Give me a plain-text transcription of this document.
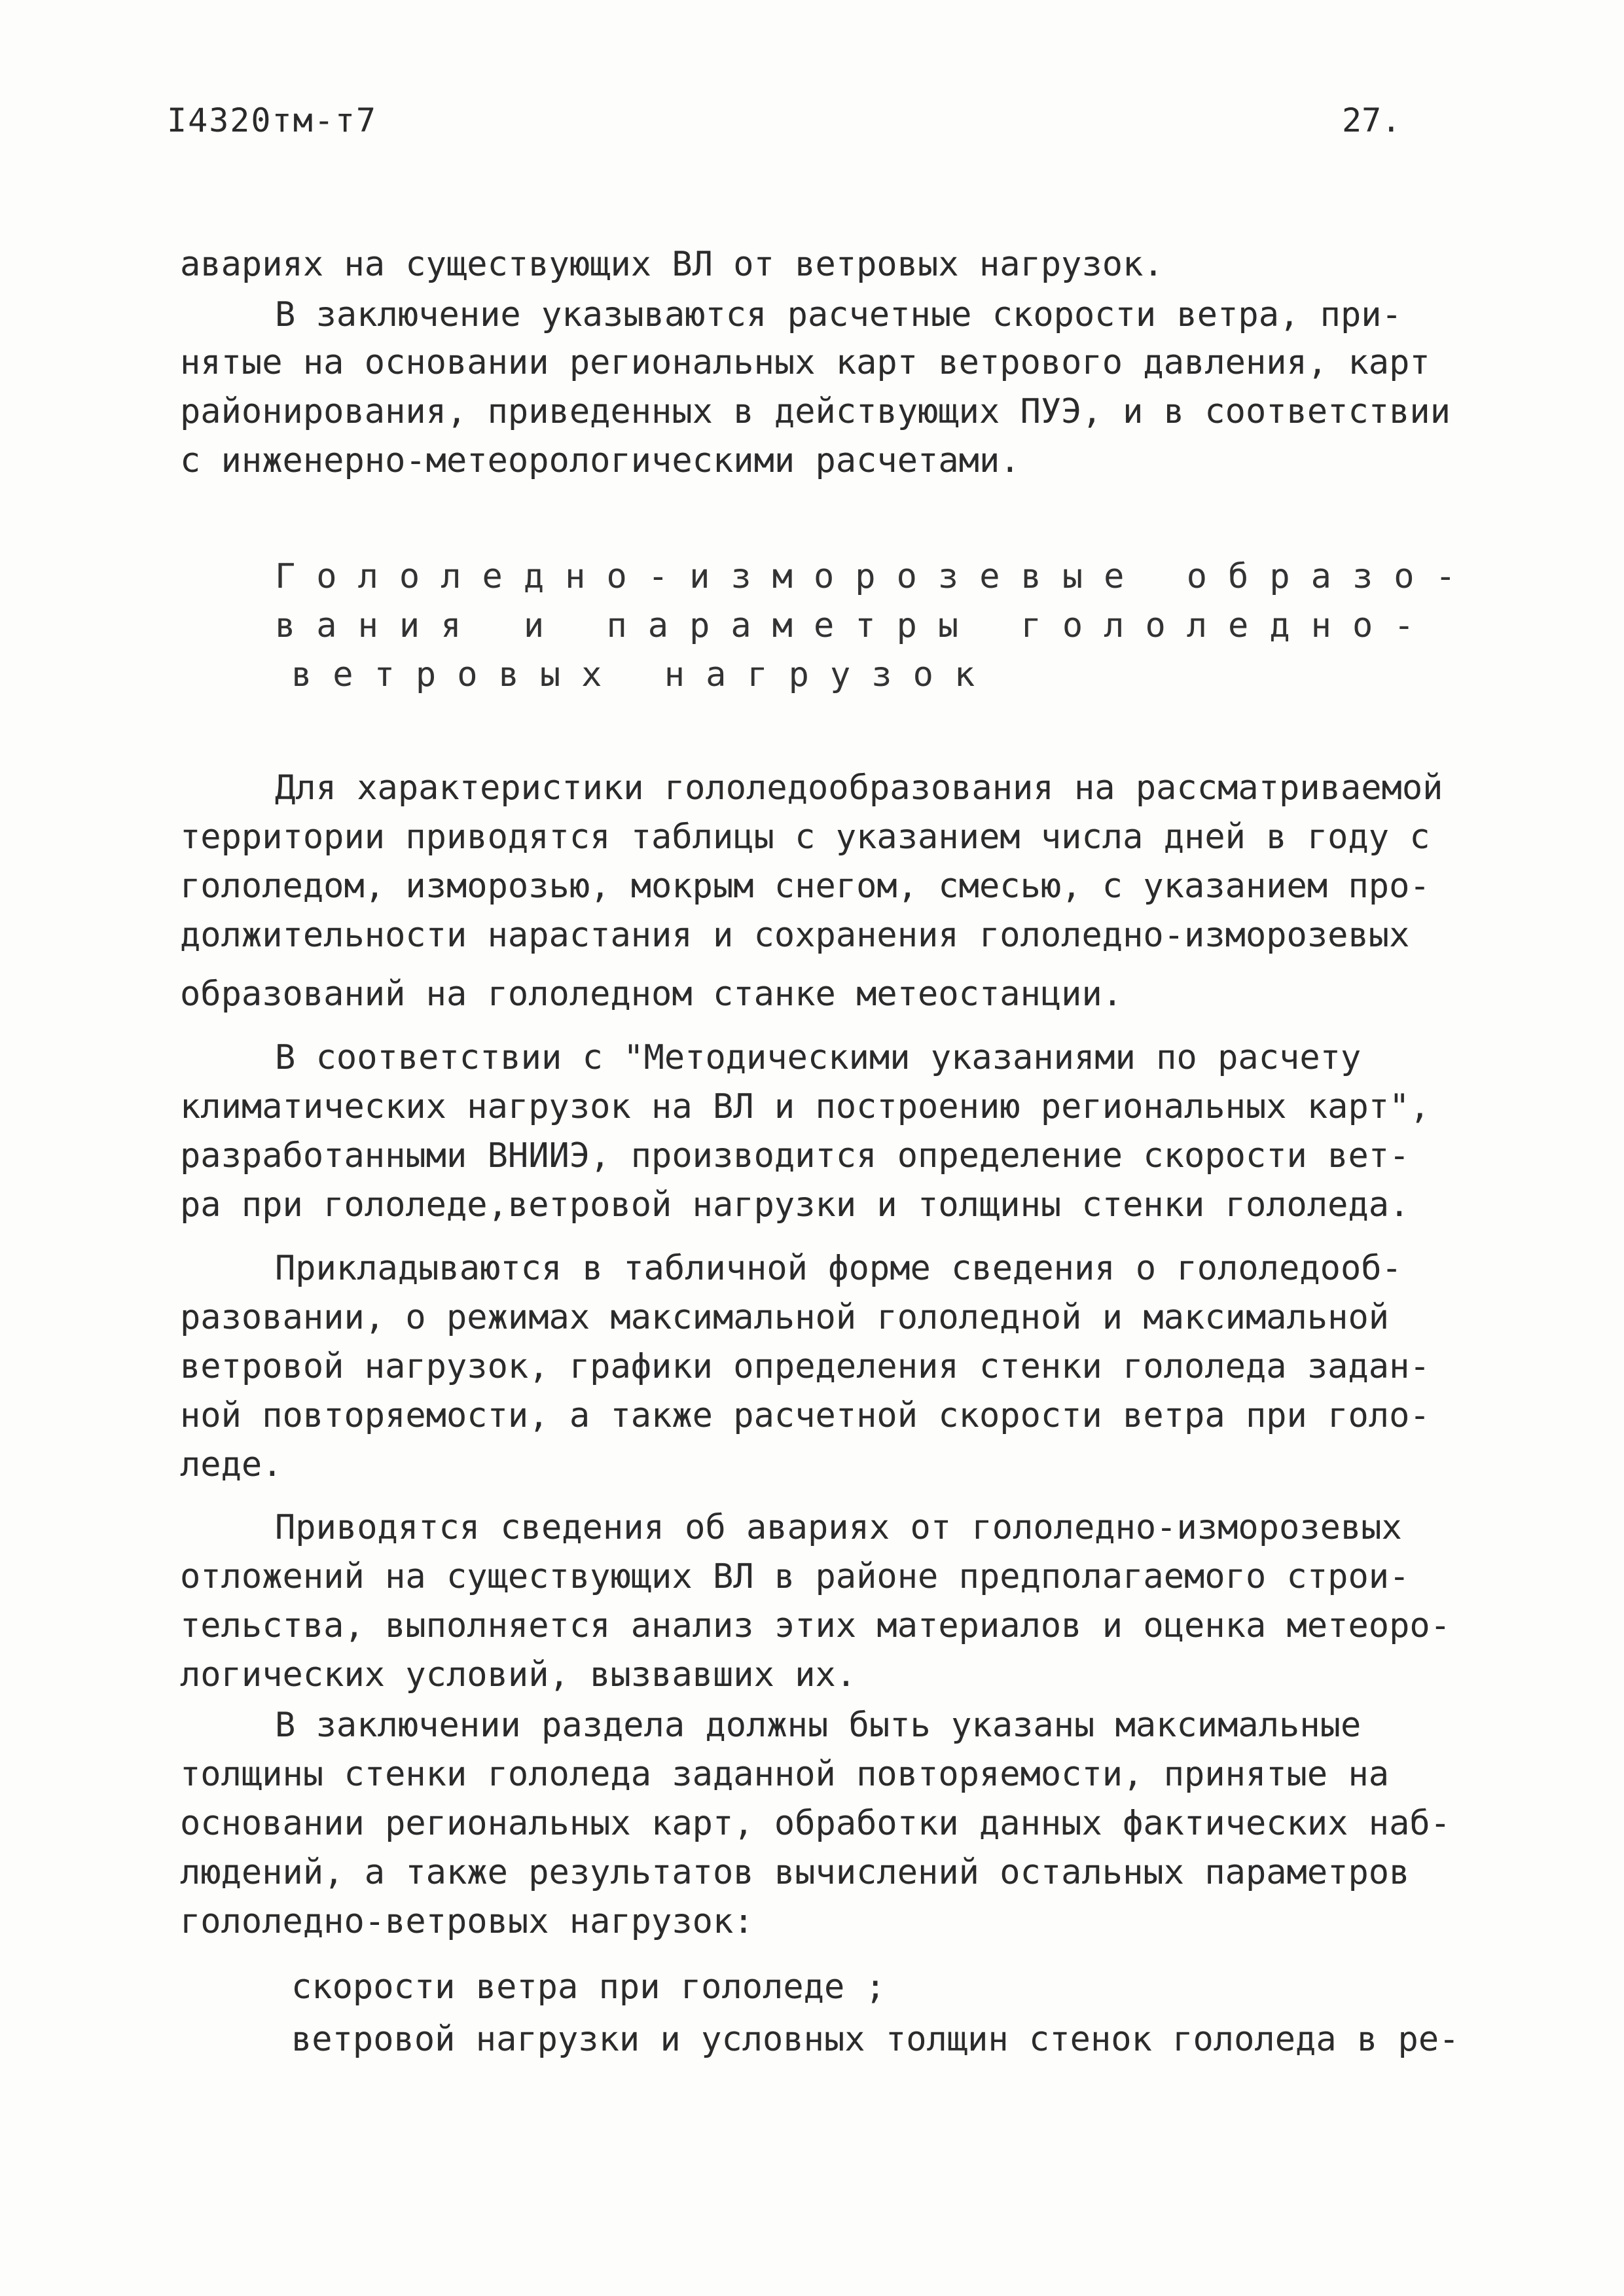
I4320тм-т7	27.
авариях на существующих ВЛ от ветровых нагрузок.
В заключение указываются расчетные скорости ветра, при-
нятые на основании региональных карт ветрового давления, карт
районирования, приведенных в действующих ПУЭ, и в соответствии
с инженерно-метеорологическими расчетами.
Гололедно-изморозевые образо-
вания и параметры гололедно-
ветровых нагрузок
Для характеристики гололедообразования на рассматриваемой
территории приводятся таблицы с указанием числа дней в году с
гололедом, изморозью, мокрым снегом, смесью, с указанием про-
должительности нарастания и сохранения гололедно-изморозевых
образований на гололедном станке метеостанции.
В соответствии с "Методическими указаниями по расчету
климатических нагрузок на ВЛ и построению региональных карт",
разработанными ВНИИЭ, производится определение скорости вет-
ра при гололеде,ветровой нагрузки и толщины стенки гололеда.
Прикладываются в табличной форме сведения о гололедооб-
разовании, о режимах максимальной гололедной и максимальной
ветровой нагрузок, графики определения стенки гололеда задан-
ной повторяемости, а также расчетной скорости ветра при голо-
леде.
Приводятся сведения об авариях от гололедно-изморозевых
отложений на существующих ВЛ в районе предполагаемого строи-
тельства, выполняется анализ этих материалов и оценка метеоро-
логических условий, вызвавших их.
В заключении раздела должны быть указаны максимальные
толщины стенки гололеда заданной повторяемости, принятые на
основании региональных карт, обработки данных фактических наб-
людений, а также результатов вычислений остальных параметров
гололедно-ветровых нагрузок:
скорости ветра при гололеде ;
ветровой нагрузки и условных толщин стенок гололеда в ре-
